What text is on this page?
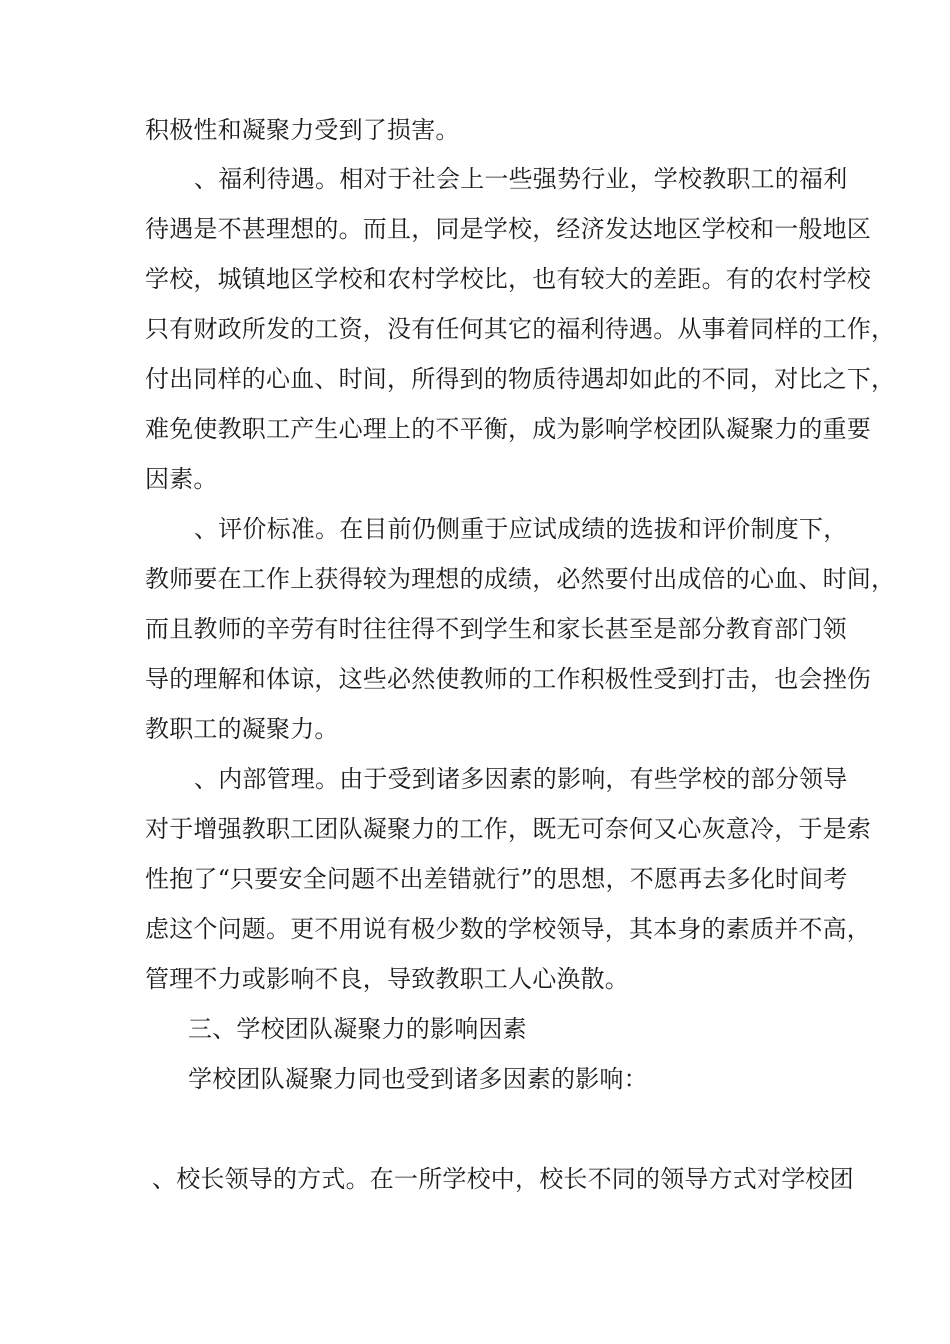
积极性和凝聚力受到了损害。
、福利待遇。相对于社会上一些强势行业，学校教职工的福利
待遇是不甚理想的。而且，同是学校，经济发达地区学校和一般地区
学校，城镇地区学校和农村学校比，也有较大的差距。有的农村学校
只有财政所发的工资，没有任何其它的福利待遇。从事着同样的工作，
付出同样的心血、时间，所得到的物质待遇却如此的不同，对比之下，
难免使教职工产生心理上的不平衡，成为影响学校团队凝聚力的重要
因素。
、评价标准。在目前仍侧重于应试成绩的选拔和评价制度下，
教师要在工作上获得较为理想的成绩，必然要付出成倍的心血、时间，
而且教师的辛劳有时往往得不到学生和家长甚至是部分教育部门领
导的理解和体谅，这些必然使教师的工作积极性受到打击，也会挫伤
教职工的凝聚力。
、内部管理。由于受到诸多因素的影响，有些学校的部分领导
对于增强教职工团队凝聚力的工作，既无可奈何又心灰意冷，于是索
性抱了“只要安全问题不出差错就行”的思想，不愿再去多化时间考
虑这个问题。更不用说有极少数的学校领导，其本身的素质并不高，
管理不力或影响不良，导致教职工人心涣散。
三、学校团队凝聚力的影响因素
学校团队凝聚力同也受到诸多因素的影响：
、校长领导的方式。在一所学校中，校长不同的领导方式对学校团
